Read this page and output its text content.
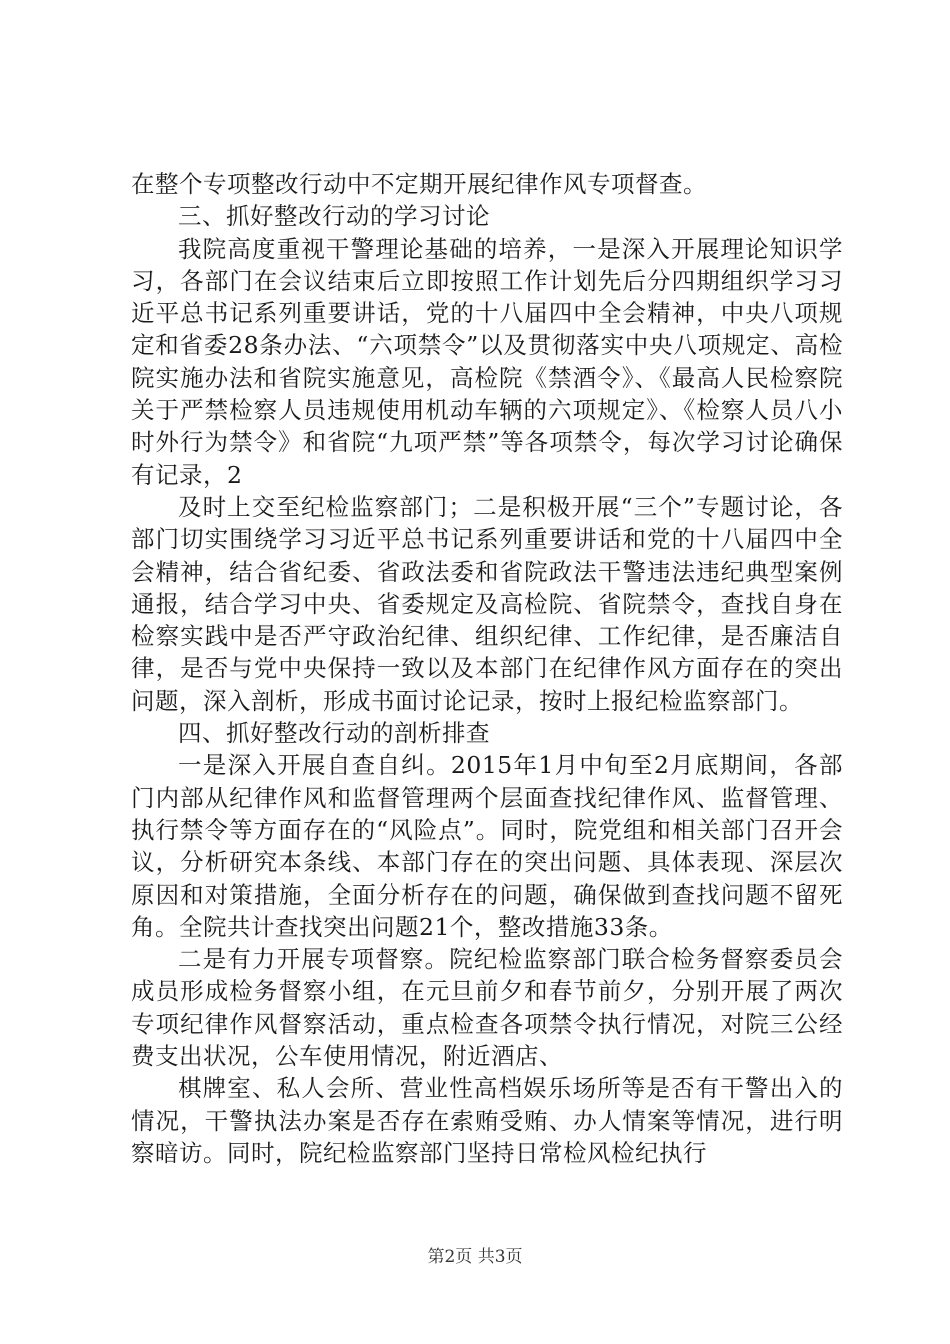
在整个专项整改行动中不定期开展纪律作风专项督查。

三、抓好整改行动的学习讨论

我院高度重视干警理论基础的培养，一是深入开展理论知识学习，各部门在会议结束后立即按照工作计划先后分四期组织学习习近平总书记系列重要讲话，党的十八届四中全会精神，中央八项规定和省委28条办法、“六项禁令”以及贯彻落实中央八项规定、高检院实施办法和省院实施意见，高检院《禁酒令》、《最高人民检察院关于严禁检察人员违规使用机动车辆的六项规定》、《检察人员八小时外行为禁令》和省院“九项严禁”等各项禁令，每次学习讨论确保有记录，2

及时上交至纪检监察部门；二是积极开展“三个”专题讨论，各部门切实围绕学习习近平总书记系列重要讲话和党的十八届四中全会精神，结合省纪委、省政法委和省院政法干警违法违纪典型案例通报，结合学习中央、省委规定及高检院、省院禁令，查找自身在检察实践中是否严守政治纪律、组织纪律、工作纪律，是否廉洁自律，是否与党中央保持一致以及本部门在纪律作风方面存在的突出问题，深入剖析，形成书面讨论记录，按时上报纪检监察部门。

四、抓好整改行动的剖析排查

一是深入开展自查自纠。2015年1月中旬至2月底期间，各部门内部从纪律作风和监督管理两个层面查找纪律作风、监督管理、执行禁令等方面存在的“风险点”。同时，院党组和相关部门召开会议，分析研究本条线、本部门存在的突出问题、具体表现、深层次原因和对策措施，全面分析存在的问题，确保做到查找问题不留死角。全院共计查找突出问题21个，整改措施33条。

二是有力开展专项督察。院纪检监察部门联合检务督察委员会成员形成检务督察小组，在元旦前夕和春节前夕，分别开展了两次专项纪律作风督察活动，重点检查各项禁令执行情况，对院三公经费支出状况，公车使用情况，附近酒店、

棋牌室、私人会所、营业性高档娱乐场所等是否有干警出入的情况，干警执法办案是否存在索贿受贿、办人情案等情况，进行明察暗访。同时，院纪检监察部门坚持日常检风检纪执行

第2页 共3页
